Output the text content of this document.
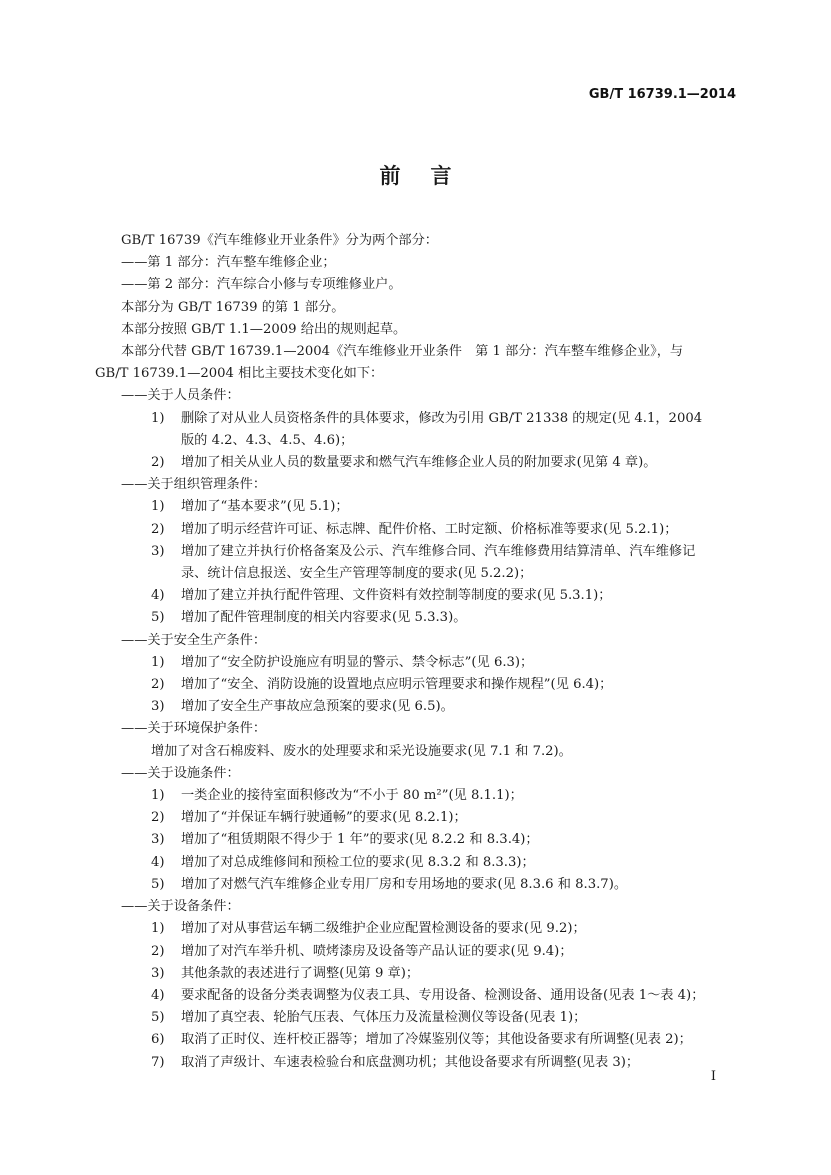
GB/T 16739.1—2014
前言
GB/T 16739《汽车维修业开业条件》分为两个部分：
——第 1 部分：汽车整车维修企业；
——第 2 部分：汽车综合小修与专项维修业户。
本部分为 GB/T 16739 的第 1 部分。
本部分按照 GB/T 1.1—2009 给出的规则起草。
本部分代替 GB/T 16739.1—2004《汽车维修业开业条件　第 1 部分：汽车整车维修企业》，与
GB/T 16739.1—2004 相比主要技术变化如下：
——关于人员条件：
1) 删除了对从业人员资格条件的具体要求，修改为引用 GB/T 21338 的规定(见 4.1，2004
版的 4.2、4.3、4.5、4.6)；
2) 增加了相关从业人员的数量要求和燃气汽车维修企业人员的附加要求(见第 4 章)。
——关于组织管理条件：
1) 增加了“基本要求”(见 5.1)；
2) 增加了明示经营许可证、标志牌、配件价格、工时定额、价格标准等要求(见 5.2.1)；
3) 增加了建立并执行价格备案及公示、汽车维修合同、汽车维修费用结算清单、汽车维修记
录、统计信息报送、安全生产管理等制度的要求(见 5.2.2)；
4) 增加了建立并执行配件管理、文件资料有效控制等制度的要求(见 5.3.1)；
5) 增加了配件管理制度的相关内容要求(见 5.3.3)。
——关于安全生产条件：
1) 增加了“安全防护设施应有明显的警示、禁令标志”(见 6.3)；
2) 增加了“安全、消防设施的设置地点应明示管理要求和操作规程”(见 6.4)；
3) 增加了安全生产事故应急预案的要求(见 6.5)。
——关于环境保护条件：
增加了对含石棉废料、废水的处理要求和采光设施要求(见 7.1 和 7.2)。
——关于设施条件：
1) 一类企业的接待室面积修改为“不小于 80 m²”(见 8.1.1)；
2) 增加了“并保证车辆行驶通畅”的要求(见 8.2.1)；
3) 增加了“租赁期限不得少于 1 年”的要求(见 8.2.2 和 8.3.4)；
4) 增加了对总成维修间和预检工位的要求(见 8.3.2 和 8.3.3)；
5) 增加了对燃气汽车维修企业专用厂房和专用场地的要求(见 8.3.6 和 8.3.7)。
——关于设备条件：
1) 增加了对从事营运车辆二级维护企业应配置检测设备的要求(见 9.2)；
2) 增加了对汽车举升机、喷烤漆房及设备等产品认证的要求(见 9.4)；
3) 其他条款的表述进行了调整(见第 9 章)；
4) 要求配备的设备分类表调整为仪表工具、专用设备、检测设备、通用设备(见表 1～表 4)；
5) 增加了真空表、轮胎气压表、气体压力及流量检测仪等设备(见表 1)；
6) 取消了正时仪、连杆校正器等；增加了冷媒鉴别仪等；其他设备要求有所调整(见表 2)；
7) 取消了声级计、车速表检验台和底盘测功机；其他设备要求有所调整(见表 3)；
I
